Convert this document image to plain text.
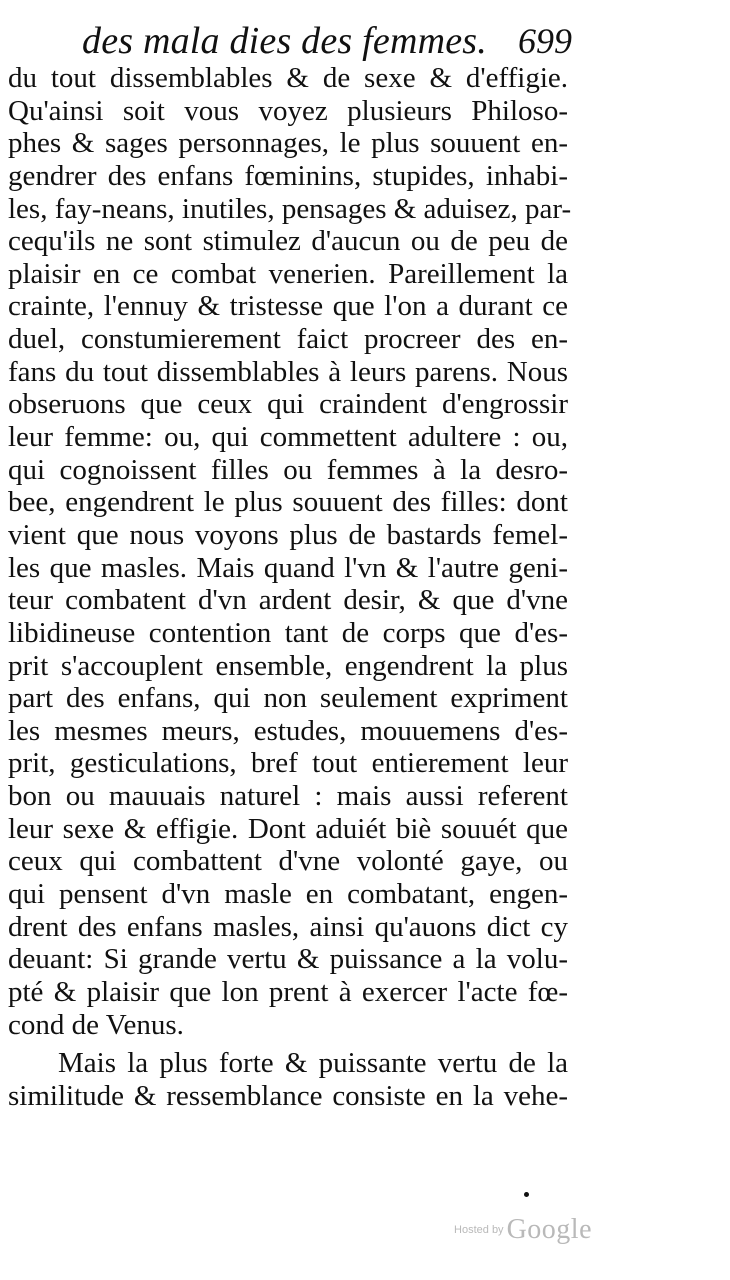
des mala dies des femmes. 699
du tout dissemblables & de sexe & d'effigie.
Qu'ainsi soit vous voyez plusieurs Philoso-
phes & sages personnages, le plus souuent en-
gendrer des enfans fœminins, stupides, inhabi-
les, fay-neans, inutiles, pensages & aduisez, par-
cequ'ils ne sont stimulez d'aucun ou de peu de
plaisir en ce combat venerien. Pareillement la
crainte, l'ennuy & tristesse que l'on a durant ce
duel, constumierement faict procreer des en-
fans du tout dissemblables à leurs parens. Nous
obseruons que ceux qui craindent d'engrossir
leur femme: ou, qui commettent adultere : ou,
qui cognoissent filles ou femmes à la desro-
bee, engendrent le plus souuent des filles: dont
vient que nous voyons plus de bastards femel-
les que masles. Mais quand l'vn & l'autre geni-
teur combatent d'vn ardent desir, & que d'vne
libidineuse contention tant de corps que d'es-
prit s'accouplent ensemble, engendrent la plus
part des enfans, qui non seulement expriment
les mesmes meurs, estudes, mouuemens d'es-
prit, gesticulations, bref tout entierement leur
bon ou mauuais naturel : mais aussi referent
leur sexe & effigie. Dont aduiét biè souuét que
ceux qui combattent d'vne volonté gaye, ou
qui pensent d'vn masle en combatant, engen-
drent des enfans masles, ainsi qu'auons dict cy
deuant: Si grande vertu & puissance a la volu-
pté & plaisir que lon prent à exercer l'acte fœ-
cond de Venus.
Mais la plus forte & puissante vertu de la
similitude & ressemblance consiste en la vehe-
Hosted by Google
